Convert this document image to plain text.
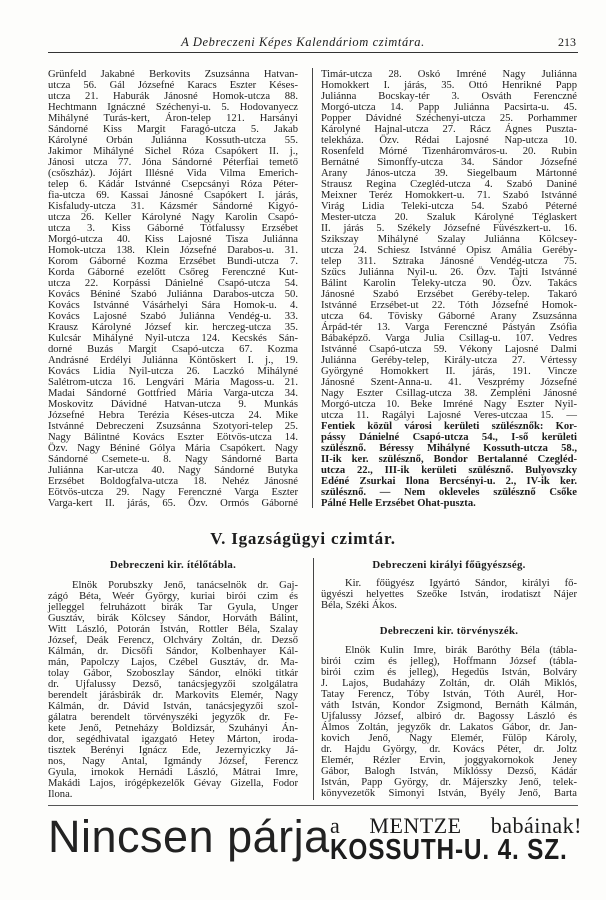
A Debreczeni Képes Kalendáriom czimtára.	213
Grünfeld Jakabné Berkovits Zsuzsánna Hatvan-
utcza 56. Gál Józsefné Karacs Eszter Késes-
utcza 21. Haburák Jánosné Homok-utcza 88.
Hechtmann Ignáczné Széchenyi-u. 5. Hodovanyecz
Mihályné Turás-kert, Áron-telep 121. Harsányi
Sándorné Kiss Margit Faragó-utcza 5. Jakab
Károlyné Orbán Juliánna Kossuth-utcza 55.
Jakimor Mihályné Sichel Róza Csapókert II. j.,
Jánosi utcza 77. Jóna Sándorné Péterfiai temető
(csőszház). Jójárt Illésné Vida Vilma Emerich-
telep 6. Kádár Istvánné Csepcsányi Róza Péter-
fia-utcza 69. Kassai Jánosné Csapókert I. járás,
Kisfaludy-utcza 31. Kázsmér Sándorné Kigyó-
utcza 26. Keller Károlyné Nagy Karolin Csapó-
utcza 3. Kiss Gáborné Tótfalussy Erzsébet
Morgó-utcza 40. Kiss Lajosné Tisza Juliánna
Homok-utcza 138. Klein Józsefné Darabos-u. 31.
Korom Gáborné Kozma Erzsébet Bundi-utcza 7.
Korda Gáborné ezelőtt Csőreg Ferenczné Kut-
utcza 22. Korpássi Dánielné Csapó-utcza 54.
Kovács Béniné Szabó Juliánna Darabos-utcza 50.
Kovács Istvánné Vásárhelyi Sára Homok-u. 4.
Kovács Lajosné Szabó Juliánna Vendég-u. 33.
Krausz Károlyné József kir. herczeg-utcza 35.
Kulcsár Mihályné Nyil-utcza 124. Kecskés Sán-
dorné Buzás Margit Csapó-utcza 67. Kozma
Andrásné Erdélyi Juliánna Köntöskert I. j., 19.
Kovács Lidia Nyil-utcza 26. Laczkó Mihályné
Salétrom-utcza 16. Lengvári Mária Magoss-u. 21.
Madai Sándorné Gottfried Mária Varga-utcza 34.
Moskovitz Dávidné Hatvan-utcza 9. Munkás
Józsefné Hebra Terézia Késes-utcza 24. Mike
Istvánné Debreczeni Zsuzsánna Szotyori-telep 25.
Nagy Bálintné Kovács Eszter Eötvös-utcza 14.
Özv. Nagy Béniné Gólya Mária Csapókert. Nagy
Sándorné Csemete-u. 8. Nagy Sándorné Barta
Juliánna Kar-utcza 40. Nagy Sándorné Butyka
Erzsébet Boldogfalva-utcza 18. Nehéz Jánosné
Eötvös-utcza 29. Nagy Ferenczné Varga Eszter
Varga-kert II. járás, 65. Özv. Ormós Gáborné
Timár-utcza 28. Oskó Imréné Nagy Juliánna
Homokkert I. járás, 35. Ottó Henrikné Papp
Juliánna Bocskay-tér 3. Osváth Ferenczné
Morgó-utcza 14. Papp Juliánna Pacsirta-u. 45.
Popper Dávidné Széchenyi-utcza 25. Porhammer
Károlyné Hajnal-utcza 27. Rácz Ágnes Puszta-
telekháza. Özv. Rédai Lajosné Nap-utcza 10.
Rosenfeld Mórné Tizenháromváros-u. 20. Rubin
Bernátné Simonffy-utcza 34. Sándor Józsefné
Arany János-utcza 39. Siegelbaum Mártonné
Strausz Regina Czegléd-utcza 4. Szabó Daniné
Meixner Teréz Homokkert-u. 71. Szabó Istvánné
Virág Lidia Teleki-utcza 54. Szabó Péterné
Mester-utcza 20. Szaluk Károlyné Téglaskert
II. járás 5. Székely Józsefné Füvészkert-u. 16.
Szikszay Mihályné Szalay Juliánna Kölcsey-
utcza 24. Schiesz Istvánné Opisz Amália Geréby-
telep 311. Sztraka Jánosné Vendég-utcza 75.
Szűcs Juliánna Nyil-u. 26. Özv. Tajti Istvánné
Bálint Karolin Teleky-utcza 90. Özv. Takács
Jánosné Szabó Erzsébet Geréby-telep. Takaró
Istvánné Erzsébet-ut 22. Tóth Józsefné Homok-
utcza 64. Tövisky Gáborné Arany Zsuzsánna
Árpád-tér 13. Varga Ferenczné Pástyán Zsófia
Bábaképző. Varga Julia Csillag-u. 107. Vedres
Istvánné Csapó-utcza 59. Vékony Lajosné Dalmi
Juliánna Geréby-telep, Király-utcza 27. Vértessy
Györgyné Homokkert II. járás, 191. Vincze
Jánosné Szent-Anna-u. 41. Veszprémy Józsefné
Nagy Eszter Csillag-utcza 38. Zempléni Jánosné
Morgó-utcza 10. Beke Imréné Nagy Eszter Nyil-
utcza 11. Ragályi Lajosné Veres-utczaa 15. —
Fentiek közül városi kerületi szülésznők: Kor-
pássy Dánielné Csapó-utcza 54., I-ső kerületi
szülésznő. Béressy Mihályné Kossuth-utcza 58.,
II-ik ker. szülésznő, Bondor Bertalanné Czegléd-
utcza 22., III-ik kerületi szülésznő. Bulyovszky
Edéné Zsurkai Ilona Bercsényi-u. 2., IV-ik ker.
szülésznő. — Nem okleveles szülésznő Csőke
Pálné Helle Erzsébet Ohat-puszta.
V. Igazságügyi czimtár.
Debreczeni kir. ítélőtábla.
Elnök Porubszky Jenő, tanácselnök dr. Gaj-
zágó Béta, Weér György, kuriai birói czim és
jelleggel felruházott birák Tar Gyula, Unger
Gusztáv, birák Kölcsey Sándor, Horváth Bálint,
Witt László, Potorán István, Rottler Béla, Szalay
József, Deák Ferencz, Olchváry Zoltán, dr. Dezső
Kálmán, dr. Dicsőfi Sándor, Kolbenhayer Kál-
mán, Papolczy Lajos, Czébel Gusztáv, dr. Ma-
tolay Gábor, Szoboszlay Sándor, elnöki titkár
dr. Ujfalussy Dezső, tanácsjegyzői szolgálatra
berendelt járásbirák dr. Markovits Elemér, Nagy
Kálmán, dr. Dávid István, tanácsjegyzői szol-
gálatra berendelt törvényszéki jegyzők dr. Fe-
kete Jenő, Petneházy Boldizsár, Szuhányi Án-
dor, segédhivatal igazgató Hetey Márton, iroda-
tisztek Berényi Ignácz Ede, Jezernyiczky Já-
nos, Nagy Antal, Igmándy József, Ferencz
Gyula, irnokok Hernádi László, Mátrai Imre,
Makádi Lajos, irógépkezelők Gévay Gizella, Fodor
Ilona.
Debreczeni királyi főügyészség.
Kir. főügyész Igyártó Sándor, királyi fő-
ügyészi helyettes Szeőke István, irodatiszt Nájer
Béla, Széki Ákos.
Debreczeni kir. törvényszék.
Elnök Kulin Imre, birák Baróthy Béla (tábla-
birói czim és jelleg), Hoffmann József (tábla-
birói czim és jelleg), Hegedüs István, Bolváry
J. Lajos, Budaházy Zoltán, dr. Oláh Miklós,
Tatay Ferencz, Tóby István, Tóth Aurél, Hor-
váth István, Kondor Zsigmond, Bernáth Kálmán,
Ujfalussy József, albiró dr. Bagossy László és
Álmos Zoltán, jegyzők dr. Lakatos Gábor, dr. Jan-
kovich Jenő, Nagy Elemér, Fülöp Károly,
dr. Hajdu György, dr. Kovács Péter, dr. Joltz
Elemér, Rézler Ervin, joggyakornokok Jeney
Gábor, Balogh István, Miklóssy Dezső, Kádár
István, Papp György, dr. Májerszky Jenő, telek-
könyvezetők Simonyi István, Byély Jenő, Barta
Nincsen párja a MENTZE babáinak!
KOSSUTH-U. 4. SZ.
